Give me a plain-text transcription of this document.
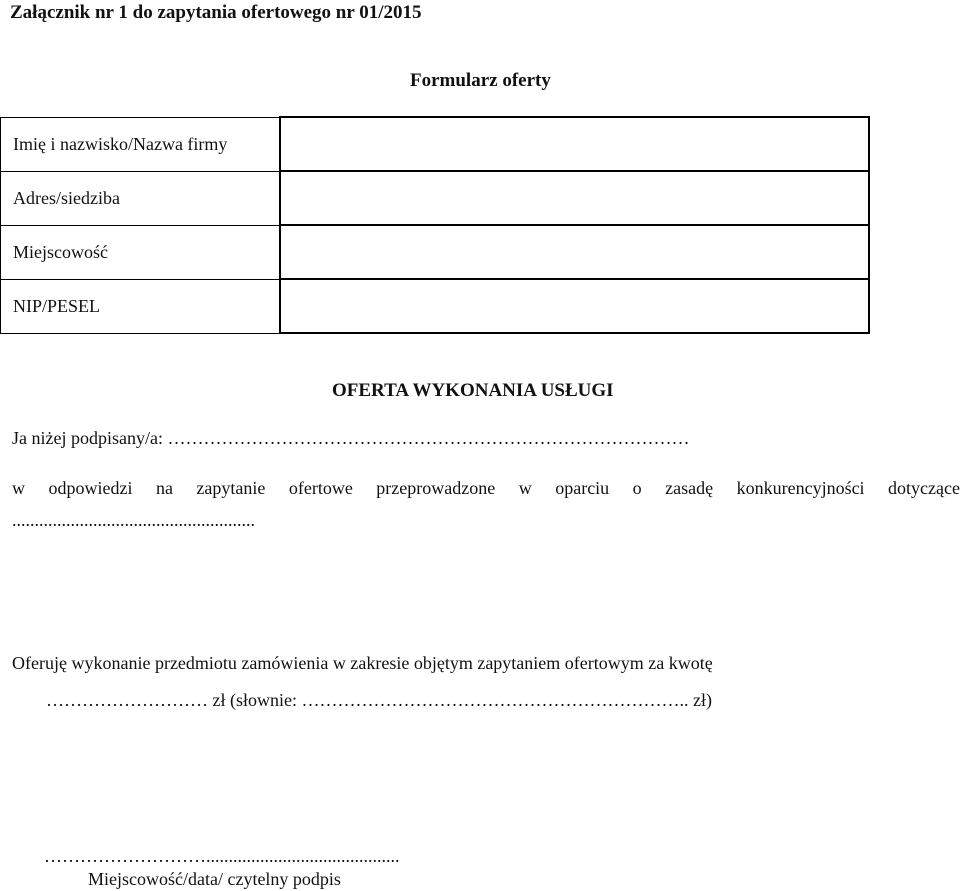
Załącznik nr 1 do zapytania ofertowego nr 01/2015
Formularz oferty
Imię i nazwisko/Nazwa firmy	
Adres/siedziba	
Miejscowość	
NIP/PESEL	
OFERTA WYKONANIA USŁUGI
Ja niżej podpisany/a: ……………………………………………………………………………
w odpowiedzi na zapytanie ofertowe przeprowadzone w oparciu o zasadę konkurencyjności dotyczące
......................................................
Oferuję wykonanie przedmiotu zamówienia w zakresie objętym zapytaniem ofertowym za kwotę
……………………… zł (słownie: ……………………………………………………….. zł)
………………………...........................................
Miejscowość/data/ czytelny podpis
